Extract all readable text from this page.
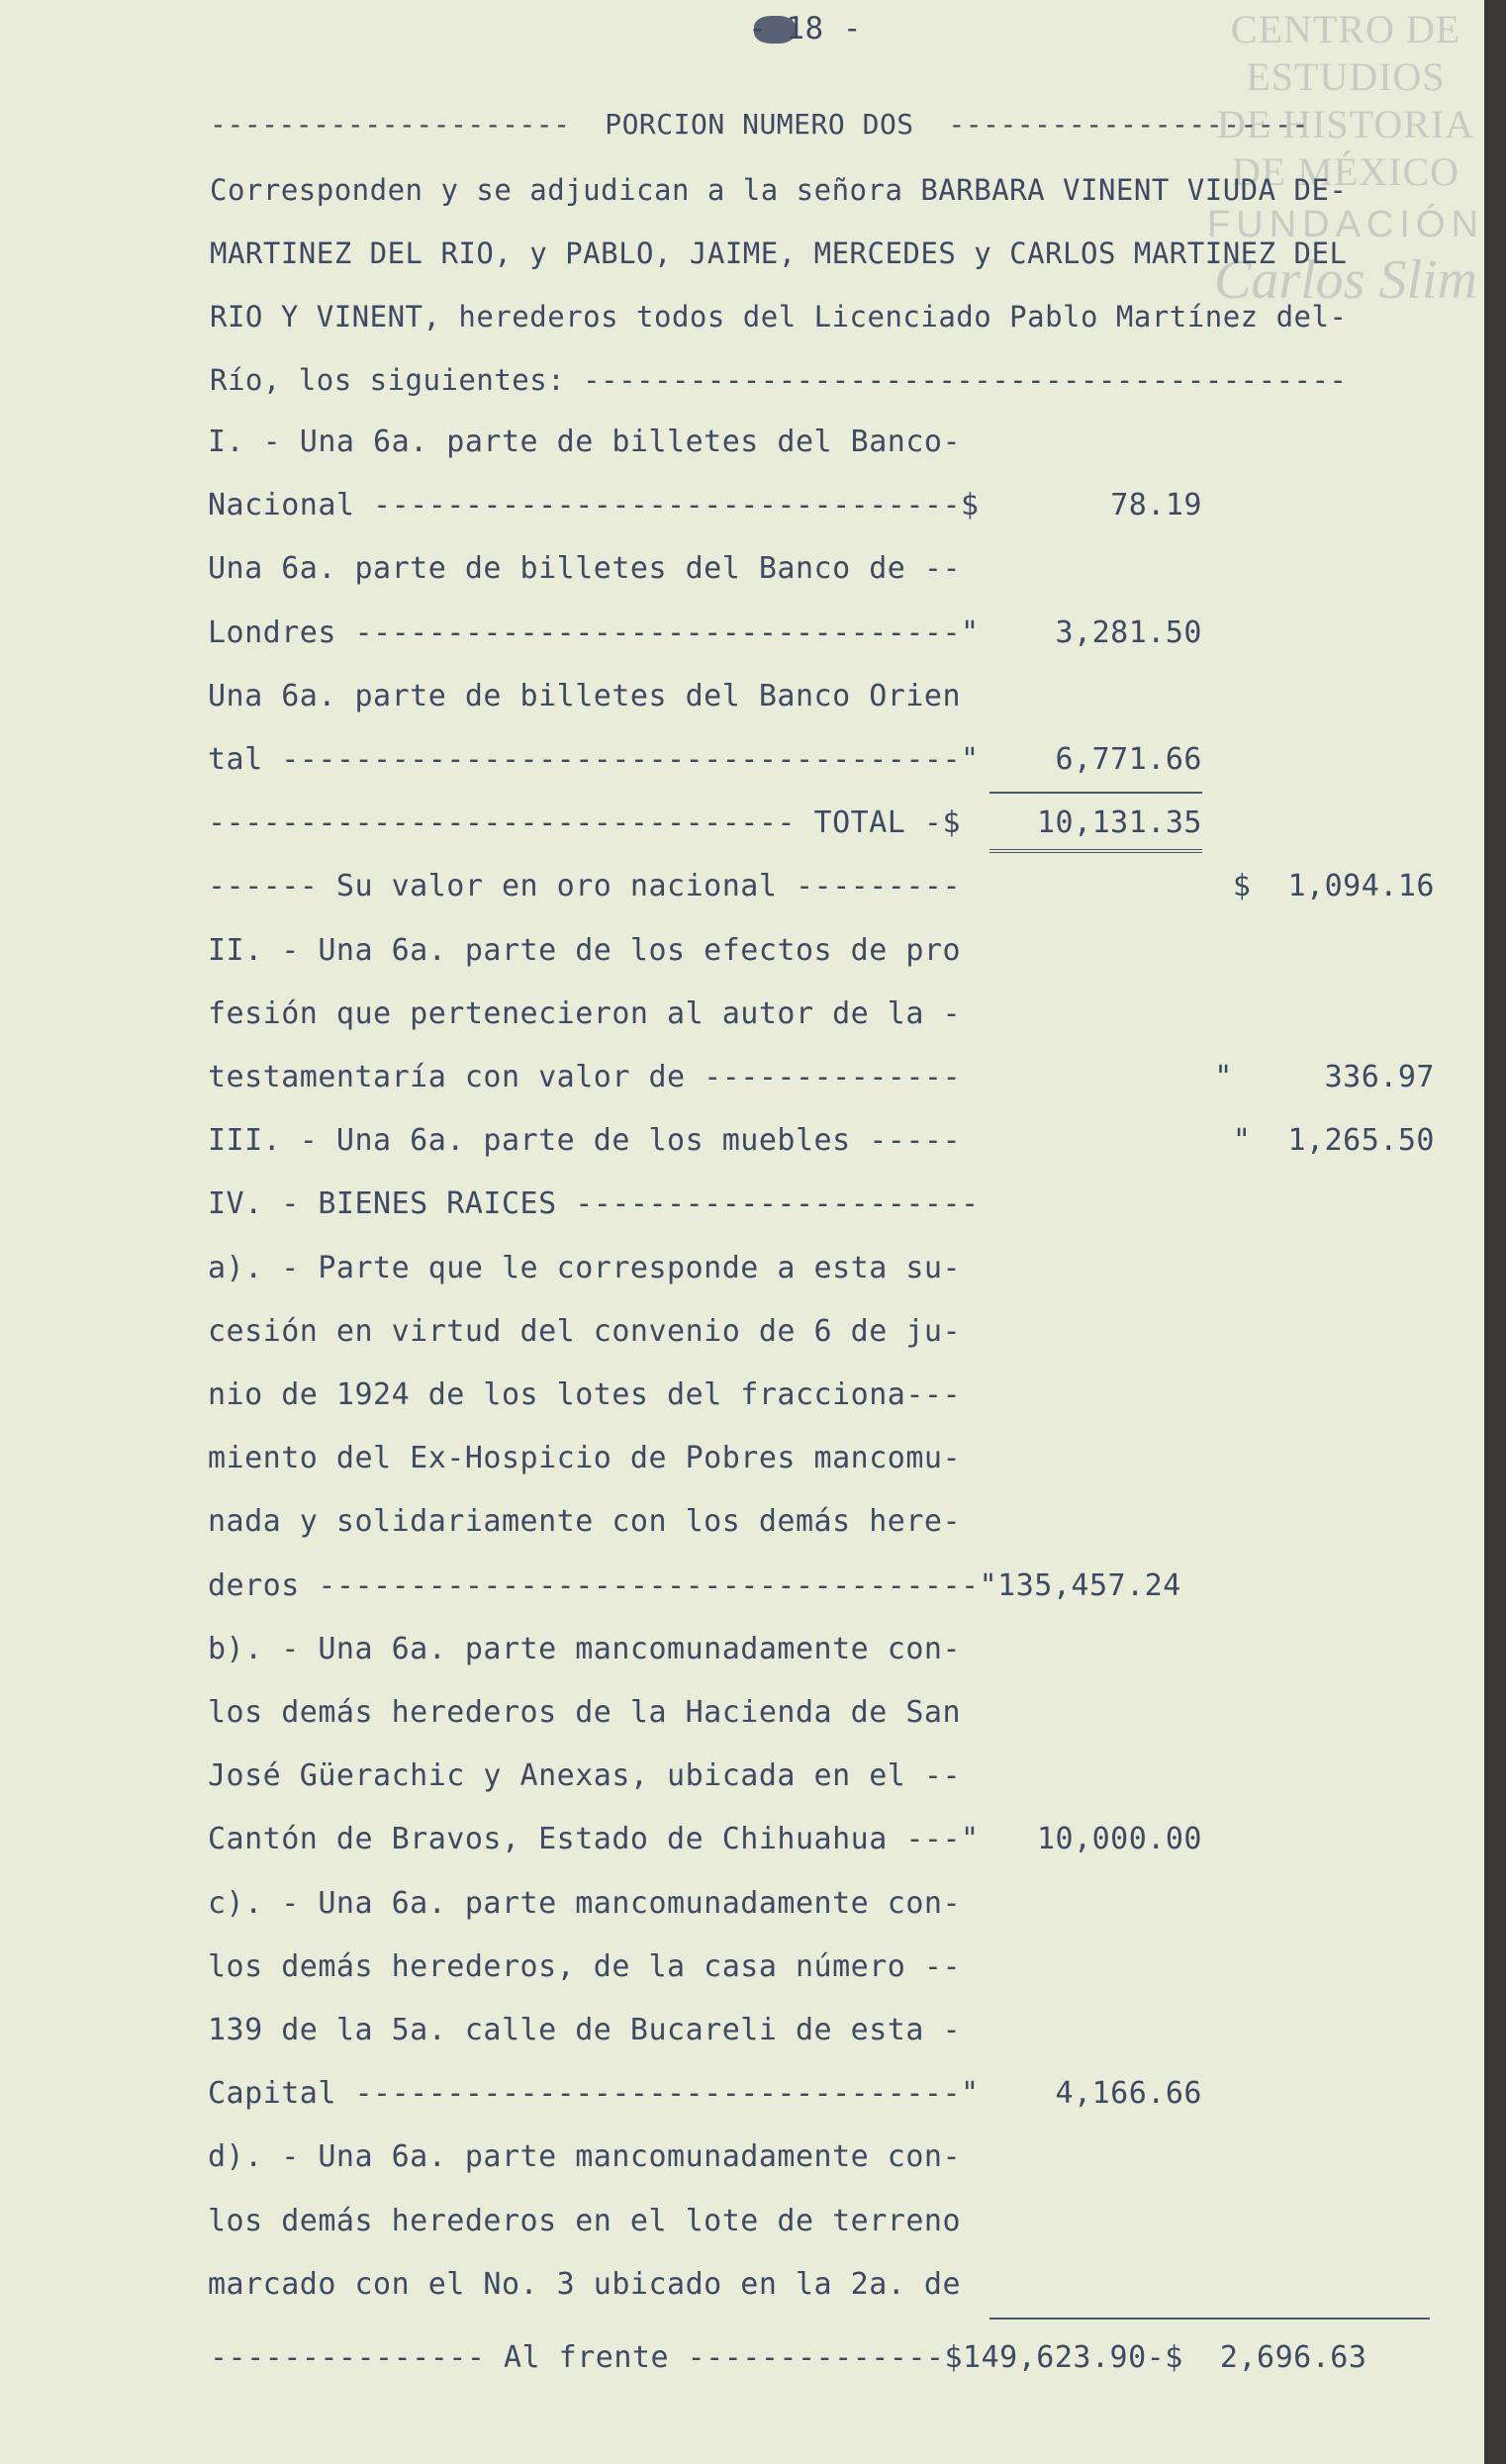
CENTRO DE
ESTUDIOS
DE HISTORIA
DE MÉXICO
FUNDACIÓN
Carlos Slim
- 18 -
---------------------  PORCION NUMERO DOS  ---------------------
Corresponden y se adjudican a la señora BARBARA VINENT VIUDA DE-
MARTINEZ DEL RIO, y PABLO, JAIME, MERCEDES y CARLOS MARTINEZ DEL
RIO Y VINENT, herederos todos del Licenciado Pablo Martínez del-
Río, los siguientes: -------------------------------------------
I. - Una 6a. parte de billetes del Banco-
Nacional --------------------------------$	78.19
Una 6a. parte de billetes del Banco de --
Londres ---------------------------------"	3,281.50
Una 6a. parte de billetes del Banco Orien
tal -------------------------------------"	6,771.66
-------------------------------- TOTAL -$	10,131.35
------ Su valor en oro nacional ---------	$  1,094.16
II. - Una 6a. parte de los efectos de pro
fesión que pertenecieron al autor de la -
testamentaría con valor de --------------	"     336.97
III. - Una 6a. parte de los muebles -----	"  1,265.50
IV. - BIENES RAICES ----------------------
a). - Parte que le corresponde a esta su-
cesión en virtud del convenio de 6 de ju-
nio de 1924 de los lotes del fracciona---
miento del Ex-Hospicio de Pobres mancomu-
nada y solidariamente con los demás here-
deros ------------------------------------"135,457.24
b). - Una 6a. parte mancomunadamente con-
los demás herederos de la Hacienda de San
José Güerachic y Anexas, ubicada en el --
Cantón de Bravos, Estado de Chihuahua ---"	10,000.00
c). - Una 6a. parte mancomunadamente con-
los demás herederos, de la casa número --
139 de la 5a. calle de Bucareli de esta -
Capital ---------------------------------"	4,166.66
d). - Una 6a. parte mancomunadamente con-
los demás herederos en el lote de terreno
marcado con el No. 3 ubicado en la 2a. de
--------------- Al frente --------------$149,623.90-$  2,696.63
